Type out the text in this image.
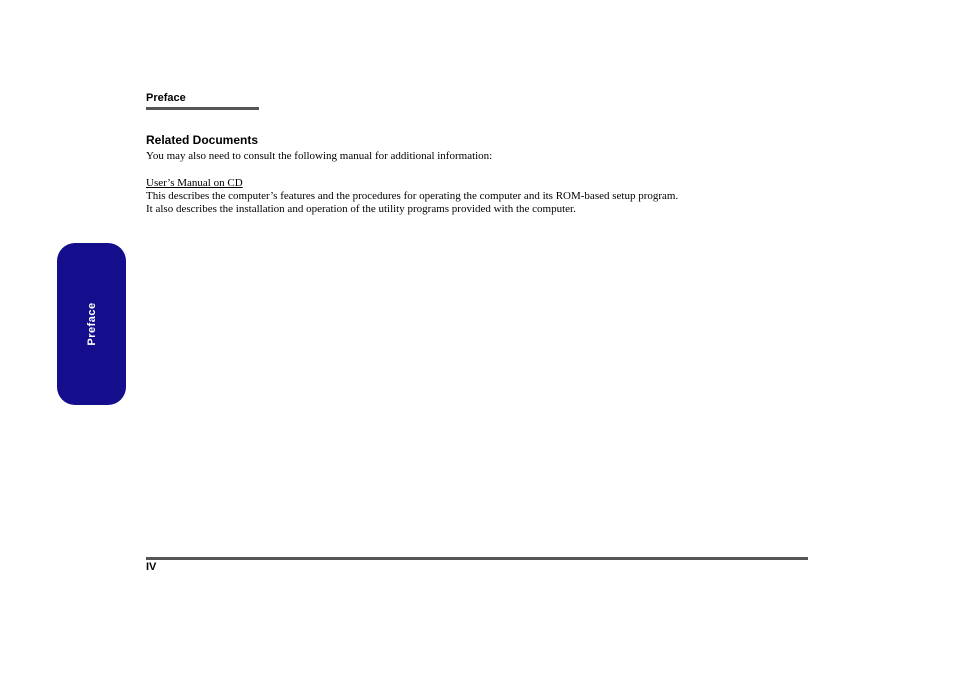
Preface
Related Documents
You may also need to consult the following manual for additional information:
User’s Manual on CD
This describes the computer’s features and the procedures for operating the computer and its ROM-based setup program.
It also describes the installation and operation of the utility programs provided with the computer.
Preface
IV
